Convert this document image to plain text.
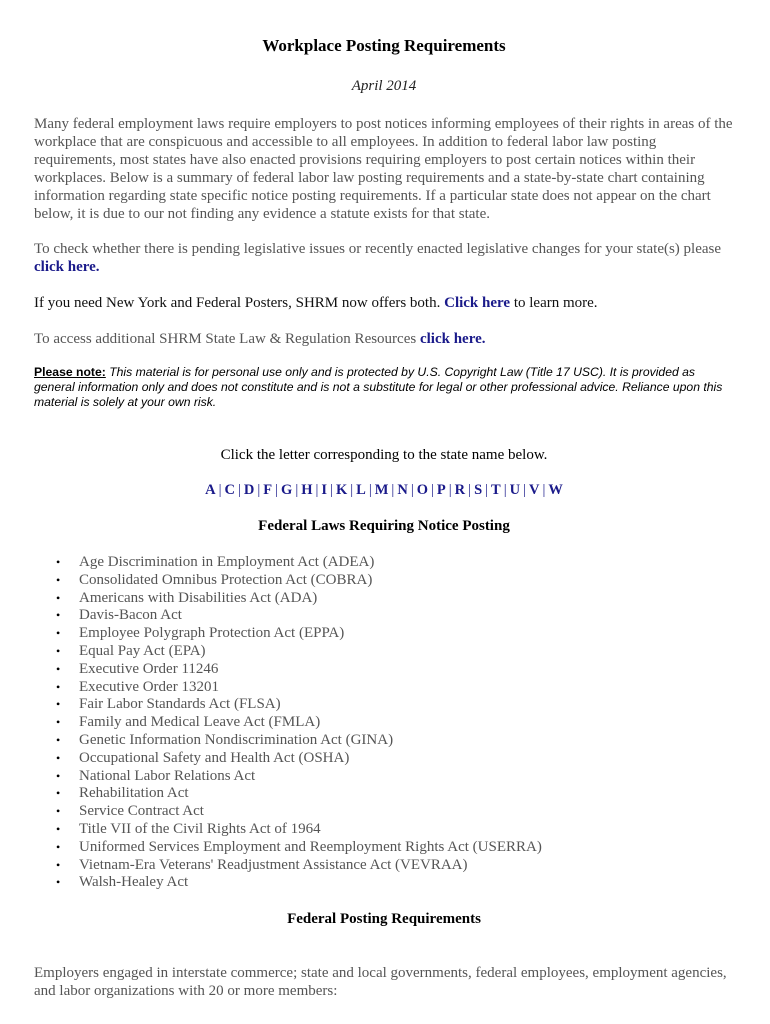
Workplace Posting Requirements
April 2014

Many federal employment laws require employers to post notices informing employees of their rights in areas of the workplace that are conspicuous and accessible to all employees. In addition to federal labor law posting requirements, most states have also enacted provisions requiring employers to post certain notices within their workplaces. Below is a summary of federal labor law posting requirements and a state-by-state chart containing information regarding state specific notice posting requirements. If a particular state does not appear on the chart below, it is due to our not finding any evidence a statute exists for that state.

To check whether there is pending legislative issues or recently enacted legislative changes for your state(s) please click here.

If you need New York and Federal Posters, SHRM now offers both. Click here to learn more.

To access additional SHRM State Law & Regulation Resources click here.

Please note: This material is for personal use only and is protected by U.S. Copyright Law (Title 17 USC). It is provided as general information only and does not constitute and is not a substitute for legal or other professional advice. Reliance upon this material is solely at your own risk.
Click the letter corresponding to the state name below.
A | C | D | F | G | H | I | K | L | M | N | O | P | R | S | T | U | V | W
Federal Laws Requiring Notice Posting
• Age Discrimination in Employment Act (ADEA)
• Consolidated Omnibus Protection Act (COBRA)
• Americans with Disabilities Act (ADA)
• Davis-Bacon Act
• Employee Polygraph Protection Act (EPPA)
• Equal Pay Act (EPA)
• Executive Order 11246
• Executive Order 13201
• Fair Labor Standards Act (FLSA)
• Family and Medical Leave Act (FMLA)
• Genetic Information Nondiscrimination Act (GINA)
• Occupational Safety and Health Act (OSHA)
• National Labor Relations Act
• Rehabilitation Act
• Service Contract Act
• Title VII of the Civil Rights Act of 1964
• Uniformed Services Employment and Reemployment Rights Act (USERRA)
• Vietnam-Era Veterans' Readjustment Assistance Act (VEVRAA)
• Walsh-Healey Act
Federal Posting Requirements

Employers engaged in interstate commerce; state and local governments, federal employees, employment agencies, and labor organizations with 20 or more members:
